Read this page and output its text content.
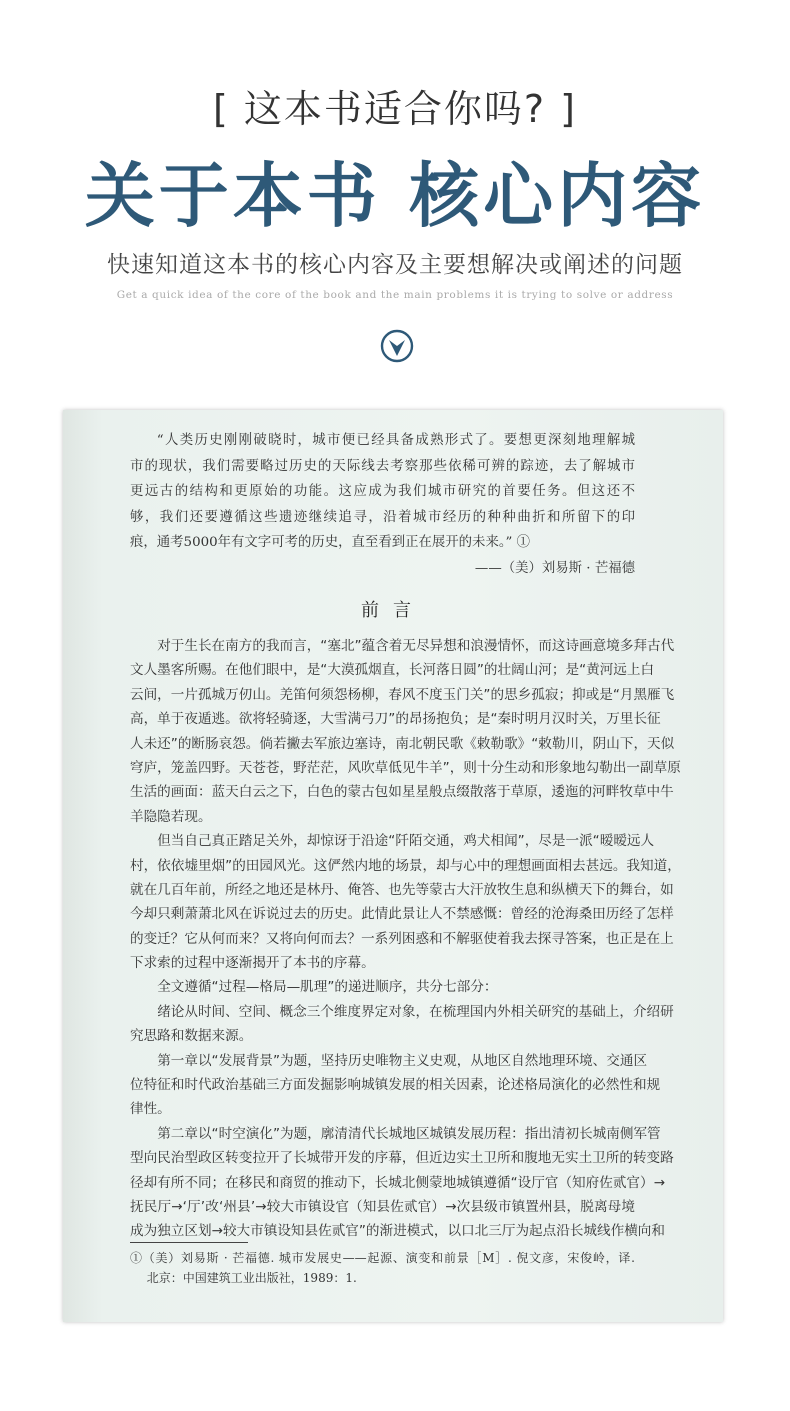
[ 这本书适合你吗? ]
关于本书 核心内容
快速知道这本书的核心内容及主要想解决或阐述的问题
Get a quick idea of the core of the book and the main problems it is trying to solve or address
“人类历史刚刚破晓时，城市便已经具备成熟形式了。要想更深刻地理解城
市的现状，我们需要略过历史的天际线去考察那些依稀可辨的踪迹，去了解城市
更远古的结构和更原始的功能。这应成为我们城市研究的首要任务。但这还不
够，我们还要遵循这些遗迹继续追寻，沿着城市经历的种种曲折和所留下的印
痕，通考5000年有文字可考的历史，直至看到正在展开的未来。” ①
——（美）刘易斯 · 芒福德
前言
对于生长在南方的我而言，“塞北”蕴含着无尽异想和浪漫情怀，而这诗画意境多拜古代
文人墨客所赐。在他们眼中，是“大漠孤烟直，长河落日圆”的壮阔山河；是“黄河远上白
云间，一片孤城万仞山。羌笛何须怨杨柳，春风不度玉门关”的思乡孤寂；抑或是“月黑雁飞
高，单于夜遁逃。欲将轻骑逐，大雪满弓刀”的昂扬抱负；是“秦时明月汉时关，万里长征
人未还”的断肠哀怨。倘若撇去军旅边塞诗，南北朝民歌《敕勒歌》“敕勒川，阴山下，天似
穹庐，笼盖四野。天苍苍，野茫茫，风吹草低见牛羊”，则十分生动和形象地勾勒出一副草原
生活的画面：蓝天白云之下，白色的蒙古包如星星般点缀散落于草原，逶迤的河畔牧草中牛
羊隐隐若现。
但当自己真正踏足关外，却惊讶于沿途“阡陌交通，鸡犬相闻”，尽是一派“暧暧远人
村，依依墟里烟”的田园风光。这俨然内地的场景，却与心中的理想画面相去甚远。我知道，
就在几百年前，所经之地还是林丹、俺答、也先等蒙古大汗放牧生息和纵横天下的舞台，如
今却只剩萧萧北风在诉说过去的历史。此情此景让人不禁感慨：曾经的沧海桑田历经了怎样
的变迁？它从何而来？又将向何而去？一系列困惑和不解驱使着我去探寻答案，也正是在上
下求索的过程中逐渐揭开了本书的序幕。
全文遵循“过程—格局—肌理”的递进顺序，共分七部分：
绪论从时间、空间、概念三个维度界定对象，在梳理国内外相关研究的基础上，介绍研
究思路和数据来源。
第一章以“发展背景”为题，坚持历史唯物主义史观，从地区自然地理环境、交通区
位特征和时代政治基础三方面发掘影响城镇发展的相关因素，论述格局演化的必然性和规
律性。
第二章以“时空演化”为题，廓清清代长城地区城镇发展历程：指出清初长城南侧军管
型向民治型政区转变拉开了长城带开发的序幕，但近边实土卫所和腹地无实土卫所的转变路
径却有所不同；在移民和商贸的推动下，长城北侧蒙地城镇遵循“设厅官（知府佐贰官）→
抚民厅→‘厅’改‘州县’→较大市镇设官（知县佐贰官）→次县级市镇置州县，脱离母境
成为独立区划→较大市镇设知县佐贰官”的渐进模式，以口北三厅为起点沿长城线作横向和
①（美）刘易斯 · 芒福德. 城市发展史——起源、演变和前景［M］. 倪文彦，宋俊岭，译.
北京：中国建筑工业出版社，1989：1.
